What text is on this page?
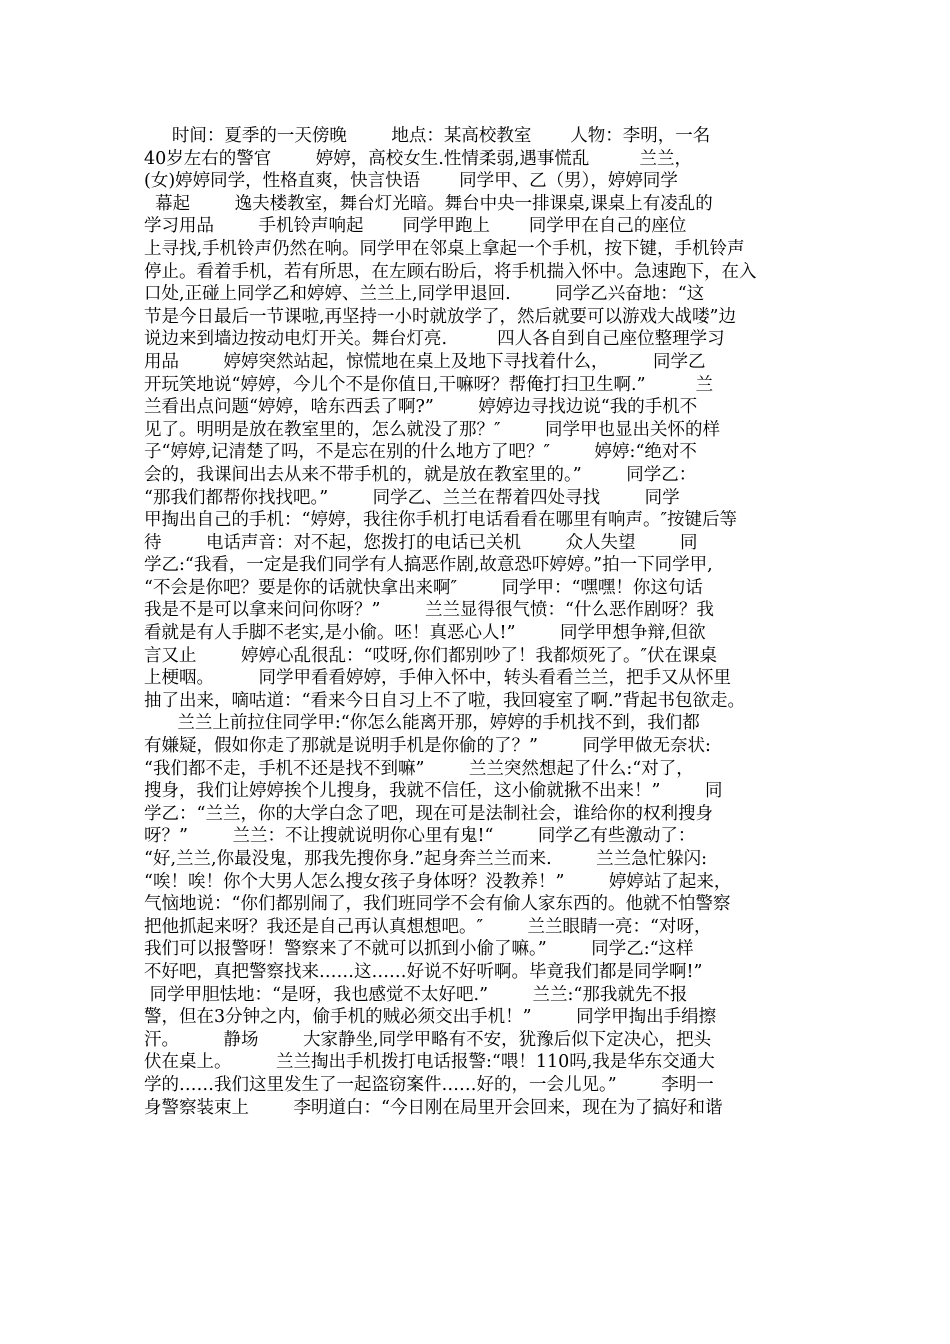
时间：夏季的一天傍晚        地点：某高校教室       人物：李明，一名
40岁左右的警官        婷婷，高校女生.性情柔弱,遇事慌乱         兰兰，
(女)婷婷同学，性格直爽，快言快语       同学甲、乙（男），婷婷同学
幕起        逸夫楼教室，舞台灯光暗。舞台中央一排课桌,课桌上有凌乱的
学习用品        手机铃声响起       同学甲跑上       同学甲在自己的座位
上寻找,手机铃声仍然在响。同学甲在邻桌上拿起一个手机，按下键，手机铃声
停止。看着手机，若有所思，在左顾右盼后，将手机揣入怀中。急速跑下，在入
口处,正碰上同学乙和婷婷、兰兰上,同学甲退回.        同学乙兴奋地：“这
节是今日最后一节课啦,再坚持一小时就放学了，然后就要可以游戏大战喽”边
说边来到墙边按动电灯开关。舞台灯亮.         四人各自到自己座位整理学习
用品        婷婷突然站起，惊慌地在桌上及地下寻找着什么，        同学乙
开玩笑地说“婷婷，今儿个不是你值日,干嘛呀？帮俺打扫卫生啊.”         兰
兰看出点问题“婷婷，啥东西丢了啊?”        婷婷边寻找边说“我的手机不
见了。明明是放在教室里的，怎么就没了那？″        同学甲也显出关怀的样
子“婷婷,记清楚了吗，不是忘在别的什么地方了吧？″        婷婷:“绝对不
会的，我课间出去从来不带手机的，就是放在教室里的。”        同学乙：
“那我们都帮你找找吧。”        同学乙、兰兰在帮着四处寻找        同学
甲掏出自己的手机：“婷婷，我往你手机打电话看看在哪里有响声。″按键后等
待        电话声音：对不起，您拨打的电话已关机        众人失望        同
学乙:“我看，一定是我们同学有人搞恶作剧,故意恐吓婷婷。”拍一下同学甲,
“不会是你吧？要是你的话就快拿出来啊″        同学甲：“嘿嘿！你这句话
我是不是可以拿来问问你呀？”        兰兰显得很气愤：“什么恶作剧呀？我
看就是有人手脚不老实,是小偷。呸！真恶心人!”        同学甲想争辩,但欲
言又止        婷婷心乱很乱：“哎呀,你们都别吵了！我都烦死了。″伏在课桌
上梗咽。        同学甲看看婷婷，手伸入怀中，转头看看兰兰，把手又从怀里
抽了出来，嘀咕道：“看来今日自习上不了啦，我回寝室了啊.”背起书包欲走。
兰兰上前拉住同学甲:“你怎么能离开那，婷婷的手机找不到，我们都
有嫌疑，假如你走了那就是说明手机是你偷的了？”        同学甲做无奈状:
“我们都不走，手机不还是找不到嘛”        兰兰突然想起了什么:“对了，
搜身，我们让婷婷挨个儿搜身，我就不信任，这小偷就揪不出来！”        同
学乙：“兰兰，你的大学白念了吧，现在可是法制社会，谁给你的权利搜身
呀？”        兰兰：不让搜就说明你心里有鬼!“        同学乙有些激动了：
“好,兰兰,你最没鬼，那我先搜你身.”起身奔兰兰而来.        兰兰急忙躲闪:
“唉！唉！你个大男人怎么搜女孩子身体呀？没教养！”        婷婷站了起来，
气恼地说：“你们都别闹了，我们班同学不会有偷人家东西的。他就不怕警察
把他抓起来呀？我还是自己再认真想想吧。″        兰兰眼睛一亮：“对呀，
我们可以报警呀！警察来了不就可以抓到小偷了嘛。”        同学乙:“这样
不好吧，真把警察找来……这……好说不好听啊。毕竟我们都是同学啊!”
同学甲胆怯地：“是呀，我也感觉不太好吧.”        兰兰:“那我就先不报
警，但在3分钟之内，偷手机的贼必须交出手机！”        同学甲掏出手绢擦
汗。        静场        大家静坐,同学甲略有不安，犹豫后似下定决心，把头
伏在桌上。        兰兰掏出手机拨打电话报警:“喂！110吗,我是华东交通大
学的……我们这里发生了一起盗窃案件……好的，一会儿见。”        李明一
身警察装束上        李明道白：“今日刚在局里开会回来，现在为了搞好和谐
